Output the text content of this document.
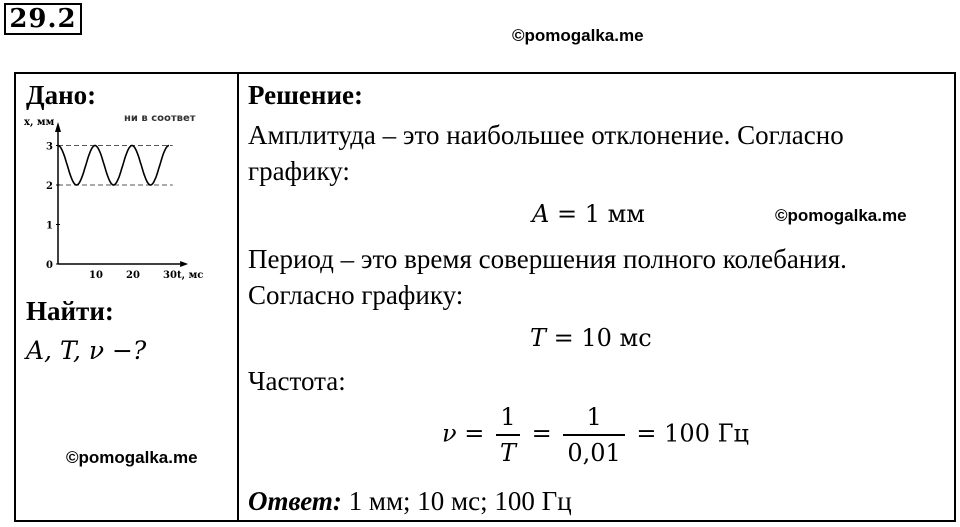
29.2
©pomogalka.me
Дано:
ни в соответ
x, мм
t, мс
0
1
2
3
10 20 30
Найти:
A, T, ν −?
©pomogalka.me
Решение:
Амплитуда – это наибольшее отклонение. Согласно
графику:
A = 1 мм	©pomogalka.me
Период – это время совершения полного колебания.
Согласно графику:
T = 10 мс
Частота:
$\nu = \frac{1}{T} = \frac{1}{0,01} = 100$ Гц
Ответ: 1 мм; 10 мс; 100 Гц
